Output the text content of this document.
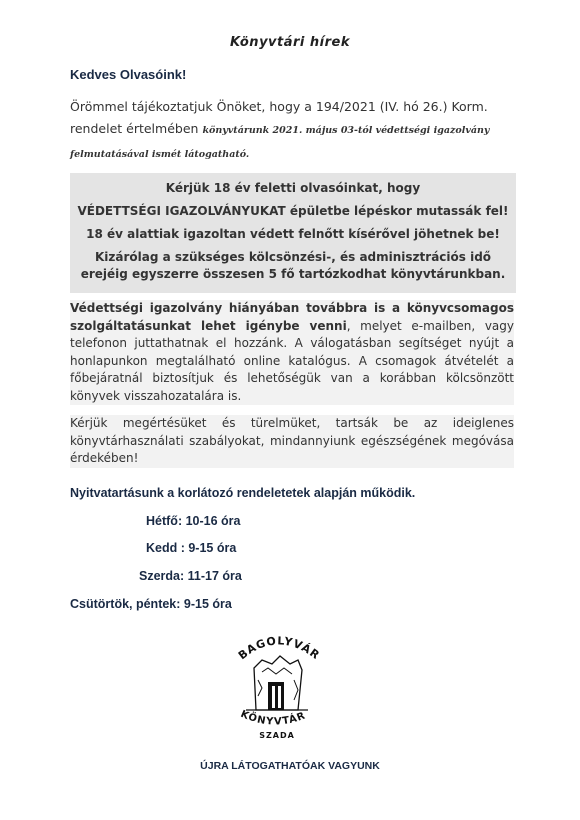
Könyvtári hírek
Kedves Olvasóink!
Örömmel tájékoztatjuk Önöket, hogy a 194/2021 (IV. hó 26.) Korm. rendelet értelmében könyvtárunk 2021. május 03-tól védettségi igazolvány felmutatásával ismét látogatható.
Kérjük 18 év feletti olvasóinkat, hogy
VÉDETTSÉGI IGAZOLVÁNYUKAT épületbe lépéskor mutassák fel!
18 év alattiak igazoltan védett felnőtt kísérővel jöhetnek be!
Kizárólag a szükséges kölcsönzési-, és adminisztrációs idő erejéig egyszerre összesen 5 fő tartózkodhat könyvtárunkban.
Védettségi igazolvány hiányában továbbra is a könyvcsomagos szolgáltatásunkat lehet igénybe venni, melyet e-mailben, vagy telefonon juttathatnak el hozzánk. A válogatásban segítséget nyújt a honlapunkon megtalálható online katalógus. A csomagok átvételét a főbejáratnál biztosítjuk és lehetőségük van a korábban kölcsönzött könyvek visszahozatalára is.
Kérjük megértésüket és türelmüket, tartsák be az ideiglenes könyvtárhasználati szabályokat, mindannyiunk egészségének megóvása érdekében!
Nyitvatartásunk a korlátozó rendeletetek alapján működik.
Hétfő: 10-16 óra
Kedd : 9-15 óra
Szerda: 11-17 óra
Csütörtök, péntek: 9-15 óra
BAGOLYVÁR
KÖNYVTÁR
SZADA
ÚJRA LÁTOGATHATÓAK VAGYUNK
